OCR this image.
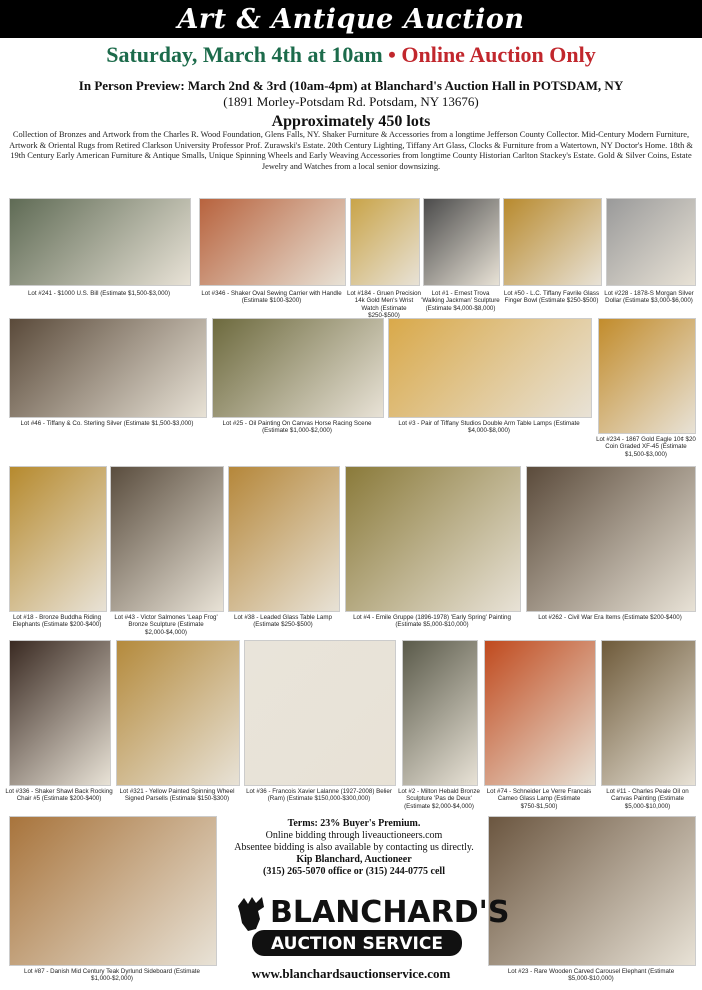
Art & Antique Auction
Saturday, March 4th at 10am • Online Auction Only
In Person Preview: March 2nd & 3rd (10am-4pm) at Blanchard's Auction Hall in POTSDAM, NY
(1891 Morley-Potsdam Rd. Potsdam, NY 13676)
Approximately 450 lots
Collection of Bronzes and Artwork from the Charles R. Wood Foundation, Glens Falls, NY. Shaker Furniture & Accessories from a longtime Jefferson County Collector. Mid-Century Modern Furniture, Artwork & Oriental Rugs from Retired Clarkson University Professor Prof. Zurawski's Estate. 20th Century Lighting, Tiffany Art Glass, Clocks & Furniture from a Watertown, NY Doctor's Home. 18th & 19th Century Early American Furniture & Antique Smalls, Unique Spinning Wheels and Early Weaving Accessories from longtime County Historian Carlton Stackey's Estate. Gold & Silver Coins, Estate Jewelry and Watches from a local senior downsizing.
Lot #241 - $1000 U.S. Bill (Estimate $1,500-$3,000)	Lot #346 - Shaker Oval Sewing Carrier with Handle (Estimate $100-$200)
Lot #184 - Gruen Precision 14k Gold Men's Wrist Watch (Estimate $250-$500)
Lot #1 - Ernest Trova 'Walking Jackman' Sculpture (Estimate $4,000-$8,000)
Lot #50 - L.C. Tiffany Favrile Glass Finger Bowl (Estimate $250-$500)
Lot #228 - 1878-S Morgan Silver Dollar (Estimate $3,000-$6,000)
Lot #46 - Tiffany & Co. Sterling Silver (Estimate $1,500-$3,000)	Lot #25 - Oil Painting On Canvas Horse Racing Scene (Estimate $1,000-$2,000)
Lot #3 - Pair of Tiffany Studios Double Arm Table Lamps (Estimate $4,000-$8,000)
Lot #234 - 1867 Gold Eagle 10¢ $20 Coin Graded XF-45 (Estimate $1,500-$3,000)
Lot #18 - Bronze Buddha Riding Elephants (Estimate $200-$400)
Lot #43 - Victor Salmones 'Leap Frog' Bronze Sculpture (Estimate $2,000-$4,000)
Lot #38 - Leaded Glass Table Lamp (Estimate $250-$500)
Lot #4 - Emile Gruppe (1896-1978) 'Early Spring' Painting (Estimate $5,000-$10,000)
Lot #262 - Civil War Era Items (Estimate $200-$400)
Lot #336 - Shaker Shawl Back Rocking Chair #5 (Estimate $200-$400)
Lot #321 - Yellow Painted Spinning Wheel Signed Parsells (Estimate $150-$300)
Lot #36 - Francois Xavier Lalanne (1927-2008) Belier (Ram) (Estimate $150,000-$300,000)
Lot #2 - Milton Hebald Bronze Sculpture 'Pas de Deux' (Estimate $2,000-$4,000)
Lot #74 - Schneider Le Verre Francais Cameo Glass Lamp (Estimate $750-$1,500)
Lot #11 - Charles Peale Oil on Canvas Painting (Estimate $5,000-$10,000)
Lot #87 - Danish Mid Century Teak Dyrlund Sideboard (Estimate $1,000-$2,000)
Lot #23 - Rare Wooden Carved Carousel Elephant (Estimate $5,000-$10,000)
Terms: 23% Buyer's Premium.
Online bidding through liveauctioneers.com
Absentee bidding is also available by contacting us directly.
Kip Blanchard, Auctioneer
(315) 265-5070 office or (315) 244-0775 cell
BLANCHARD'S
AUCTION SERVICE
www.blanchardsauctionservice.com
